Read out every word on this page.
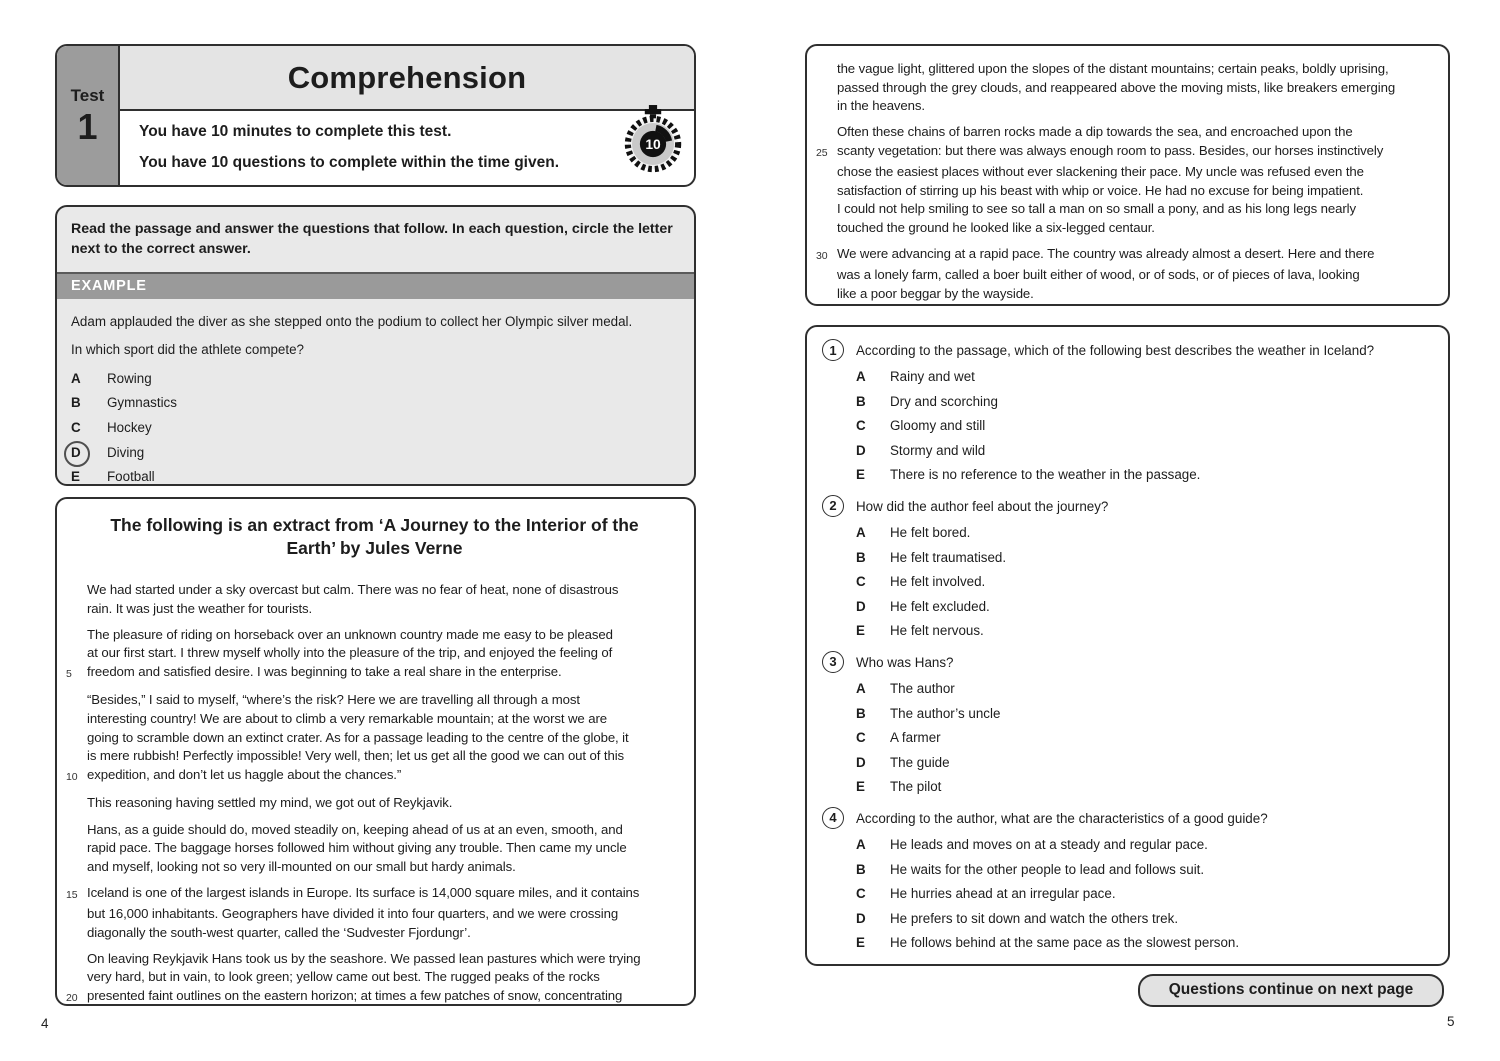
Test
1
Comprehension

You have 10 minutes to complete this test.

You have 10 questions to complete within the time given.

10
Read the passage and answer the questions that follow. In each question, circle the letter next to the correct answer.
EXAMPLE

Adam applauded the diver as she stepped onto the podium to collect her Olympic silver medal.

In which sport did the athlete compete?

A	Rowing
B	Gymnastics
C	Hockey
D	Diving
E	Football
The following is an extract from ‘A Journey to the Interior of the
Earth’ by Jules Verne
We had started under a sky overcast but calm. There was no fear of heat, none of disastrous
rain. It was just the weather for tourists.
The pleasure of riding on horseback over an unknown country made me easy to be pleased
at our first start. I threw myself wholly into the pleasure of the trip, and enjoyed the feeling of
5	freedom and satisfied desire. I was beginning to take a real share in the enterprise.
“Besides,” I said to myself, “where’s the risk? Here we are travelling all through a most
interesting country! We are about to climb a very remarkable mountain; at the worst we are
going to scramble down an extinct crater. As for a passage leading to the centre of the globe, it
is mere rubbish! Perfectly impossible! Very well, then; let us get all the good we can out of this
10 expedition, and don’t let us haggle about the chances.”
This reasoning having settled my mind, we got out of Reykjavik.
Hans, as a guide should do, moved steadily on, keeping ahead of us at an even, smooth, and
rapid pace. The baggage horses followed him without giving any trouble. Then came my uncle
and myself, looking not so very ill-mounted on our small but hardy animals.
15 Iceland is one of the largest islands in Europe. Its surface is 14,000 square miles, and it contains
but 16,000 inhabitants. Geographers have divided it into four quarters, and we were crossing
diagonally the south-west quarter, called the ‘Sudvester Fjordungr’.
On leaving Reykjavik Hans took us by the seashore. We passed lean pastures which were trying
very hard, but in vain, to look green; yellow came out best. The rugged peaks of the rocks
20 presented faint outlines on the eastern horizon; at times a few patches of snow, concentrating
4
the vague light, glittered upon the slopes of the distant mountains; certain peaks, boldly uprising,
passed through the grey clouds, and reappeared above the moving mists, like breakers emerging
in the heavens.
Often these chains of barren rocks made a dip towards the sea, and encroached upon the
25 scanty vegetation: but there was always enough room to pass. Besides, our horses instinctively
chose the easiest places without ever slackening their pace. My uncle was refused even the
satisfaction of stirring up his beast with whip or voice. He had no excuse for being impatient.
I could not help smiling to see so tall a man on so small a pony, and as his long legs nearly
touched the ground he looked like a six-legged centaur.
30 We were advancing at a rapid pace. The country was already almost a desert. Here and there
was a lonely farm, called a boer built either of wood, or of sods, or of pieces of lava, looking
like a poor beggar by the wayside.
1	According to the passage, which of the following best describes the weather in Iceland?
A	Rainy and wet
B	Dry and scorching
C	Gloomy and still
D	Stormy and wild
E	There is no reference to the weather in the passage.
2	How did the author feel about the journey?
A	He felt bored.
B	He felt traumatised.
C	He felt involved.
D	He felt excluded.
E	He felt nervous.
3	Who was Hans?
A	The author
B	The author’s uncle
C	A farmer
D	The guide
E	The pilot
4	According to the author, what are the characteristics of a good guide?
A	He leads and moves on at a steady and regular pace.
B	He waits for the other people to lead and follows suit.
C	He hurries ahead at an irregular pace.
D	He prefers to sit down and watch the others trek.
E	He follows behind at the same pace as the slowest person.
Questions continue on next page
5
